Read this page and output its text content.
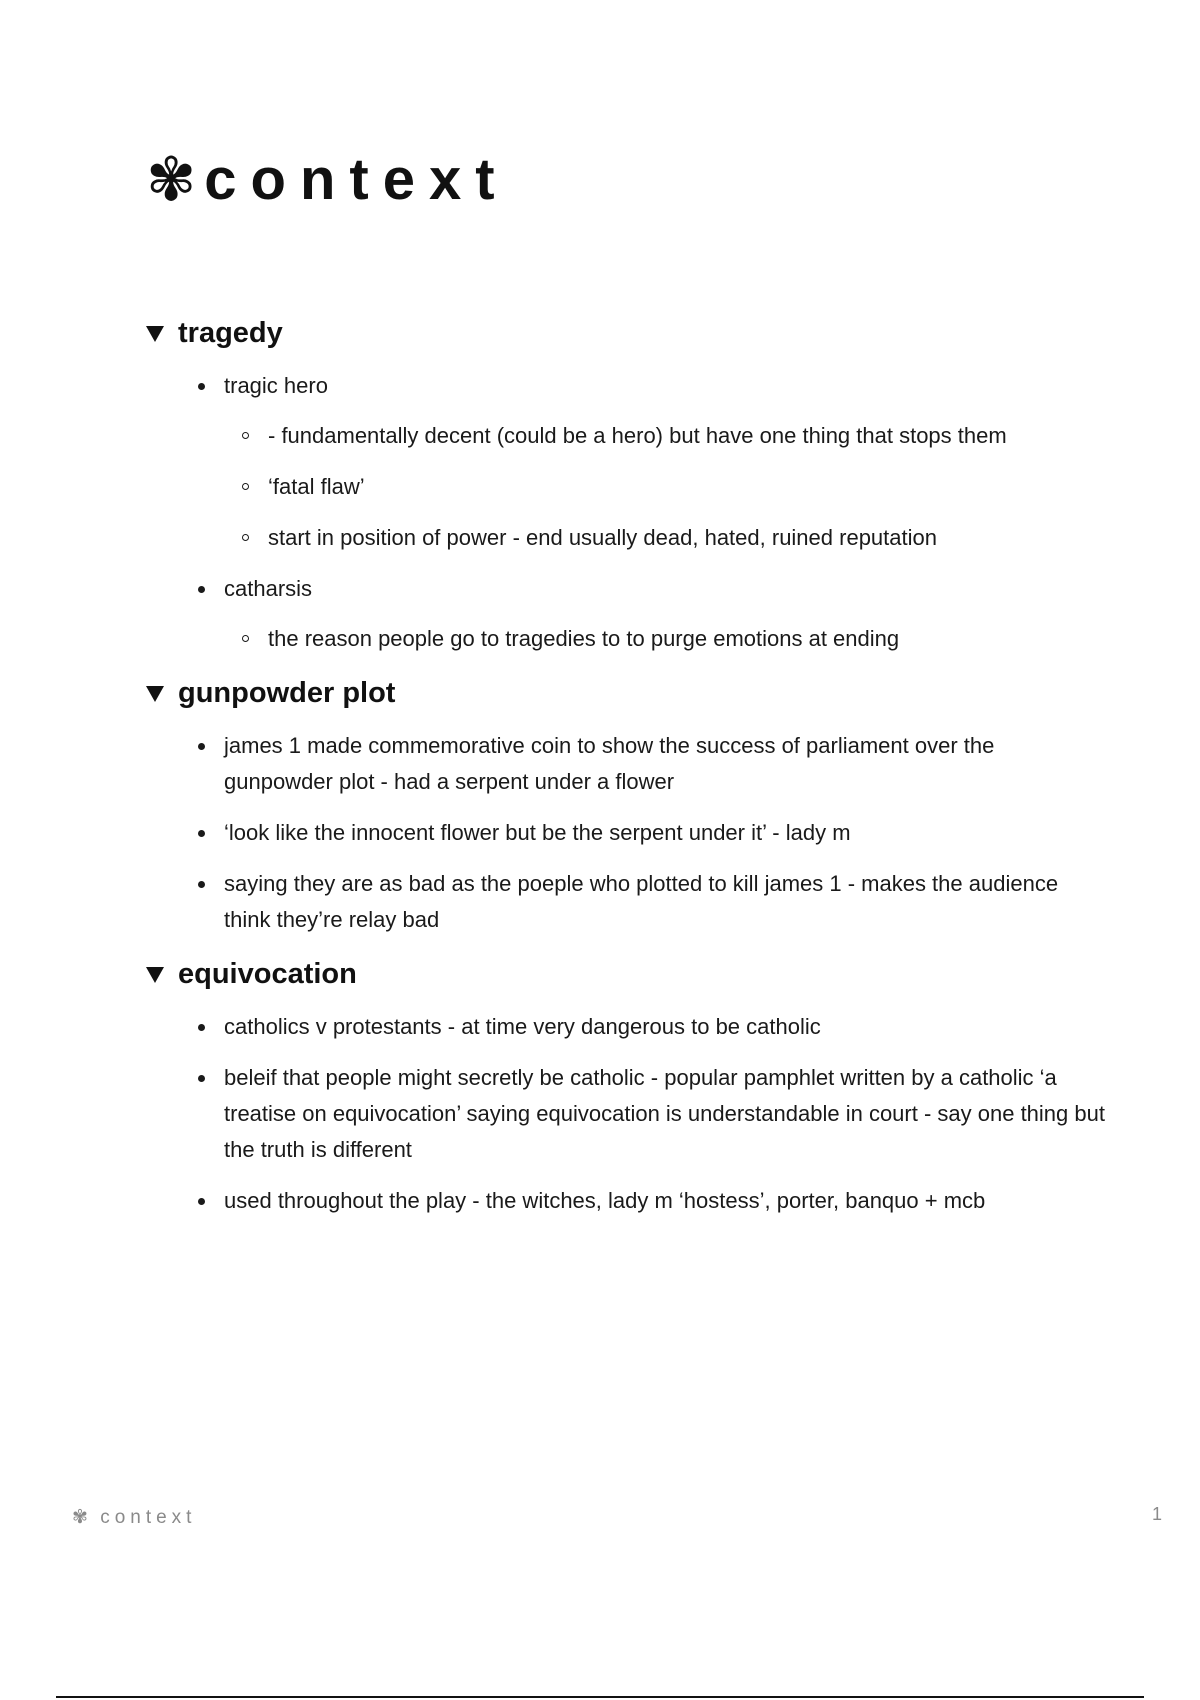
✾ context
tragedy
tragic hero
- fundamentally decent (could be a hero) but have one thing that stops them
‘fatal flaw’
start in position of power - end usually dead, hated, ruined reputation
catharsis
the reason people go to tragedies to to purge emotions at ending
gunpowder plot
james 1 made commemorative coin to show the success of parliament over the gunpowder plot - had a serpent under a flower
‘look like the innocent flower but be the serpent under it’ - lady m
saying they are as bad as the poeple who plotted to kill james 1 - makes the audience think they’re relay bad
equivocation
catholics v protestants - at time very dangerous to be catholic
beleif that people might secretly be catholic - popular pamphlet written by a catholic ‘a treatise on equivocation’ saying equivocation is understandable in court - say one thing but the truth is different
used throughout the play - the witches, lady m ‘hostess’, porter, banquo + mcb
✾ context	1
